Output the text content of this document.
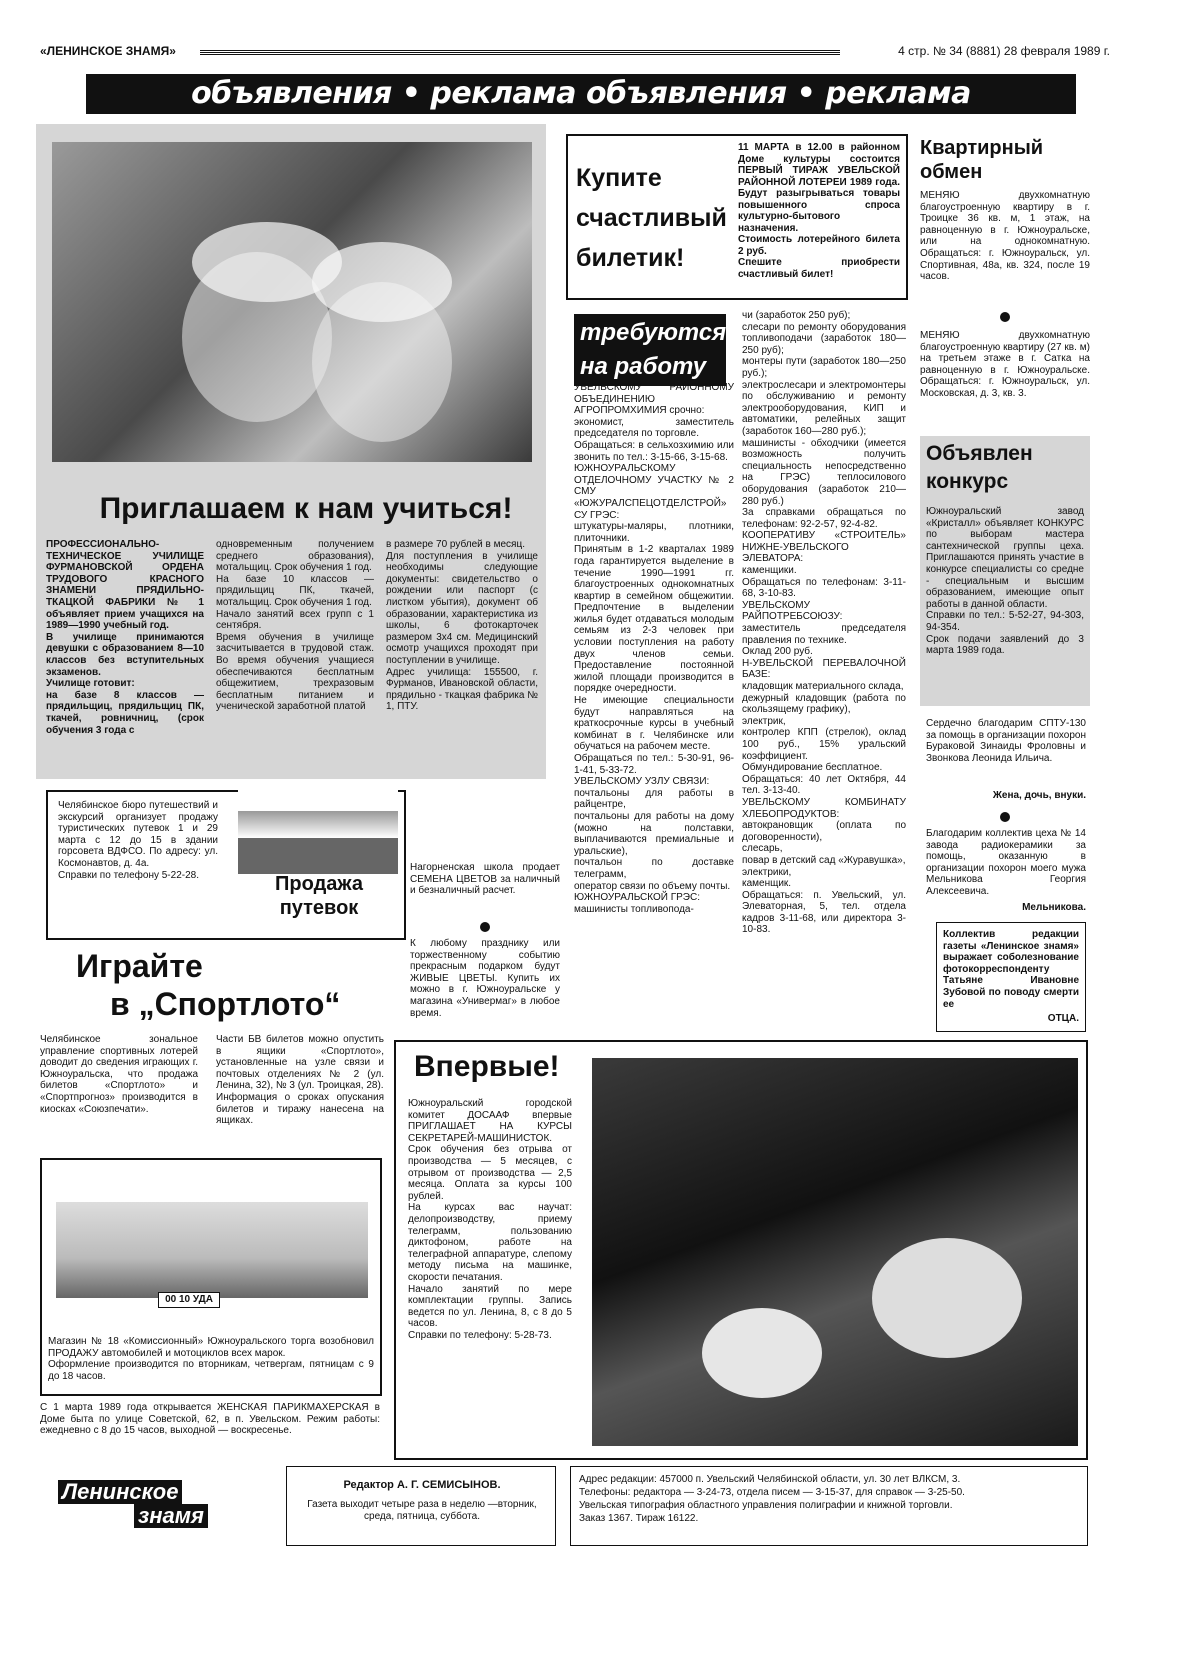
«ЛЕНИНСКОЕ ЗНАМЯ»	4 стр. № 34 (8881) 28 февраля 1989 г.
объявления • реклама объявления • реклама
Приглашаем к нам учиться!
ПРОФЕССИОНАЛЬНО-ТЕХНИЧЕСКОЕ УЧИЛИЩЕ ФУРМАНОВСКОЙ ОРДЕНА ТРУДОВОГО КРАСНОГО ЗНАМЕНИ ПРЯДИЛЬНО-ТКАЦКОЙ ФАБРИКИ № 1 объявляет прием учащихся на 1989—1990 учебный год.
В училище принимаются девушки с образованием 8—10 классов без вступительных экзаменов.
Училище готовит:
на базе 8 классов — прядильщиц, прядильщиц ПК, ткачей, ровничниц, (срок обучения 3 года с
одновременным получением среднего образования), мотальщиц. Срок обучения 1 год.
На базе 10 классов — прядильщиц ПК, ткачей, мотальщиц. Срок обучения 1 год.
Начало занятий всех групп с 1 сентября.
Время обучения в училище засчитывается в трудовой стаж. Во время обучения учащиеся обеспечиваются бесплатным общежитием, трехразовым бесплатным питанием и ученической заработной платой
в размере 70 рублей в месяц.
Для поступления в училище необходимы следующие документы: свидетельство о рождении или паспорт (с листком убытия), документ об образовании, характеристика из школы, 6 фотокарточек размером 3х4 см. Медицинский осмотр учащихся проходят при поступлении в училище.
Адрес училища: 155500, г. Фурманов, Ивановской области, прядильно - ткацкая фабрика № 1, ПТУ.
Купите счастливый билетик!
11 МАРТА в 12.00 в районном Доме культуры состоится ПЕРВЫЙ ТИРАЖ УВЕЛЬСКОЙ РАЙОННОЙ ЛОТЕРЕИ 1989 года. Будут разыгрываться товары повышенного спроса культурно-бытового назначения.
Стоимость лотерейного билета 2 руб.
Спешите приобрести счастливый билет!
требуются на работу
УВЕЛЬСКОМУ РАЙОННОМУ ОБЪЕДИНЕНИЮ АГРОПРОМХИМИЯ срочно:
экономист, заместитель председателя по торговле.
Обращаться: в сельхозхимию или звонить по тел.: 3-15-66, 3-15-68.
ЮЖНОУРАЛЬСКОМУ ОТДЕЛОЧНОМУ УЧАСТКУ № 2 СМУ «ЮЖУРАЛСПЕЦОТДЕЛСТРОЙ» СУ ГРЭС:
штукатуры-маляры, плотники, плиточники.
Принятым в 1-2 кварталах 1989 года гарантируется выделение в течение 1990—1991 гг. благоустроенных однокомнатных квартир в семейном общежитии. Предпочтение в выделении жилья будет отдаваться молодым семьям из 2-3 человек при условии поступления на работу двух членов семьи. Предоставление постоянной жилой площади производится в порядке очередности.
Не имеющие специальности будут направляться на краткосрочные курсы в учебный комбинат в г. Челябинске или обучаться на рабочем месте.
Обращаться по тел.: 5-30-91, 96-1-41, 5-33-72.
УВЕЛЬСКОМУ УЗЛУ СВЯЗИ:
почтальоны для работы в райцентре,
почтальоны для работы на дому (можно на полставки, выплачиваются премиальные и уральские),
почтальон по доставке телеграмм,
оператор связи по объему почты.
ЮЖНОУРАЛЬСКОЙ ГРЭС:
машинисты топливопода-
чи (заработок 250 руб);
слесари по ремонту оборудования топливоподачи (заработок 180—250 руб);
монтеры пути (заработок 180—250 руб.);
электрослесари и электромонтеры по обслуживанию и ремонту электрооборудования, КИП и автоматики, релейных защит (заработок 160—280 руб.);
машинисты - обходчики (имеется возможность получить специальность непосредственно на ГРЭС) теплосилового оборудования (заработок 210—280 руб.)
За справками обращаться по телефонам: 92-2-57, 92-4-82.
КООПЕРАТИВУ «СТРОИТЕЛЬ» НИЖНЕ-УВЕЛЬСКОГО ЭЛЕВАТОРА:
каменщики.
Обращаться по телефонам: 3-11-68, 3-10-83.
УВЕЛЬСКОМУ РАЙПОТРЕБСОЮЗУ:
заместитель председателя правления по технике.
Оклад 200 руб.
Н-УВЕЛЬСКОЙ ПЕРЕВАЛОЧНОЙ БАЗЕ:
кладовщик материального склада,
дежурный кладовщик (работа по скользящему графику),
электрик,
контролер КПП (стрелок), оклад 100 руб., 15% уральский коэффициент.
Обмундирование бесплатное.
Обращаться: 40 лет Октября, 44 тел. 3-13-40.
УВЕЛЬСКОМУ КОМБИНАТУ ХЛЕБОПРОДУКТОВ:
автокрановщик (оплата по договоренности),
слесарь,
повар в детский сад «Журавушка»,
электрики,
каменщик.
Обращаться: п. Увельский, ул. Элеваторная, 5, тел. отдела кадров 3-11-68, или директора 3-10-83.
Квартирный обмен
МЕНЯЮ двухкомнатную благоустроенную квартиру в г. Троицке 36 кв. м, 1 этаж, на равноценную в г. Южноуральске, или на однокомнатную. Обращаться: г. Южноуральск, ул. Спортивная, 48а, кв. 324, после 19 часов.
МЕНЯЮ двухкомнатную благоустроенную квартиру (27 кв. м) на третьем этаже в г. Сатка на равноценную в г. Южноуральске. Обращаться: г. Южноуральск, ул. Московская, д. 3, кв. 3.
Объявлен конкурс
Южноуральский завод «Кристалл» объявляет КОНКУРС по выборам мастера сантехнической группы цеха. Приглашаются принять участие в конкурсе специалисты со средне - специальным и высшим образованием, имеющие опыт работы в данной области.
Справки по тел.: 5-52-27, 94-303, 94-354.
Срок подачи заявлений до 3 марта 1989 года.
Сердечно благодарим СПТУ-130 за помощь в организации похорон Бураковой Зинаиды Фроловны и Звонкова Леонида Ильича.
Жена, дочь, внуки.
Благодарим коллектив цеха № 14 завода радиокерамики за помощь, оказанную в организации похорон моего мужа Мельникова Георгия Алексеевича.
Мельникова.
Коллектив редакции газеты «Ленинское знамя» выражает соболезнование фотокорреспонденту Татьяне Ивановне Зубовой по поводу смерти ее
ОТЦА.
Челябинское бюро путешествий и экскурсий организует продажу туристических путевок 1 и 29 марта с 12 до 15 в здании горсовета ВДФСО. По адресу: ул. Космонавтов, д. 4а.
Справки по телефону 5-22-28.	Продажа путевок
Нагорненская школа продает СЕМЕНА ЦВЕТОВ за наличный и безналичный расчет.
К любому празднику или торжественному событию прекрасным подарком будут ЖИВЫЕ ЦВЕТЫ. Купить их можно в г. Южноуральске у магазина «Универмаг» в любое время.
Играйте
в „Спортлото“
Челябинское зональное управление спортивных лотерей доводит до сведения играющих г. Южноуральска, что продажа билетов «Спортлото» и «Спортпрогноз» производится в киосках «Союзпечати».
Части БВ билетов можно опустить в ящики «Спортлото», установленные на узле связи и почтовых отделениях № 2 (ул. Ленина, 32), № 3 (ул. Троицкая, 28).
Информация о сроках опускания билетов и тиражу нанесена на ящиках.
00 10 УДА
Магазин № 18 «Комиссионный» Южноуральского торга возобновил ПРОДАЖУ автомобилей и мотоциклов всех марок.
Оформление производится по вторникам, четвергам, пятницам с 9 до 18 часов.
С 1 марта 1989 года открывается ЖЕНСКАЯ ПАРИКМАХЕРСКАЯ в Доме быта по улице Советской, 62, в п. Увельском. Режим работы: ежедневно с 8 до 15 часов, выходной — воскресенье.
Впервые!
Южноуральский городской комитет ДОСААФ впервые ПРИГЛАШАЕТ НА КУРСЫ СЕКРЕТАРЕЙ-МАШИНИСТОК.
Срок обучения без отрыва от производства — 5 месяцев, с отрывом от производства — 2,5 месяца. Оплата за курсы 100 рублей.
На курсах вас научат: делопроизводству, приему телеграмм, пользованию диктофоном, работе на телеграфной аппаратуре, слепому методу письма на машинке, скорости печатания.
Начало занятий по мере комплектации группы. Запись ведется по ул. Ленина, 8, с 8 до 5 часов.
Справки по телефону: 5-28-73.
Ленинское
знамя
Редактор А. Г. СЕМИСЫНОВ.
Газета выходит четыре раза в неделю —вторник, среда, пятница, суббота.
Адрес редакции: 457000 п. Увельский Челябинской области, ул. 30 лет ВЛКСМ, 3.
Телефоны: редактора — 3-24-73, отдела писем — 3-15-37, для справок — 3-25-50.
Увельская типография областного управления полиграфии и книжной торговли.
Заказ 1367. Тираж 16122.
